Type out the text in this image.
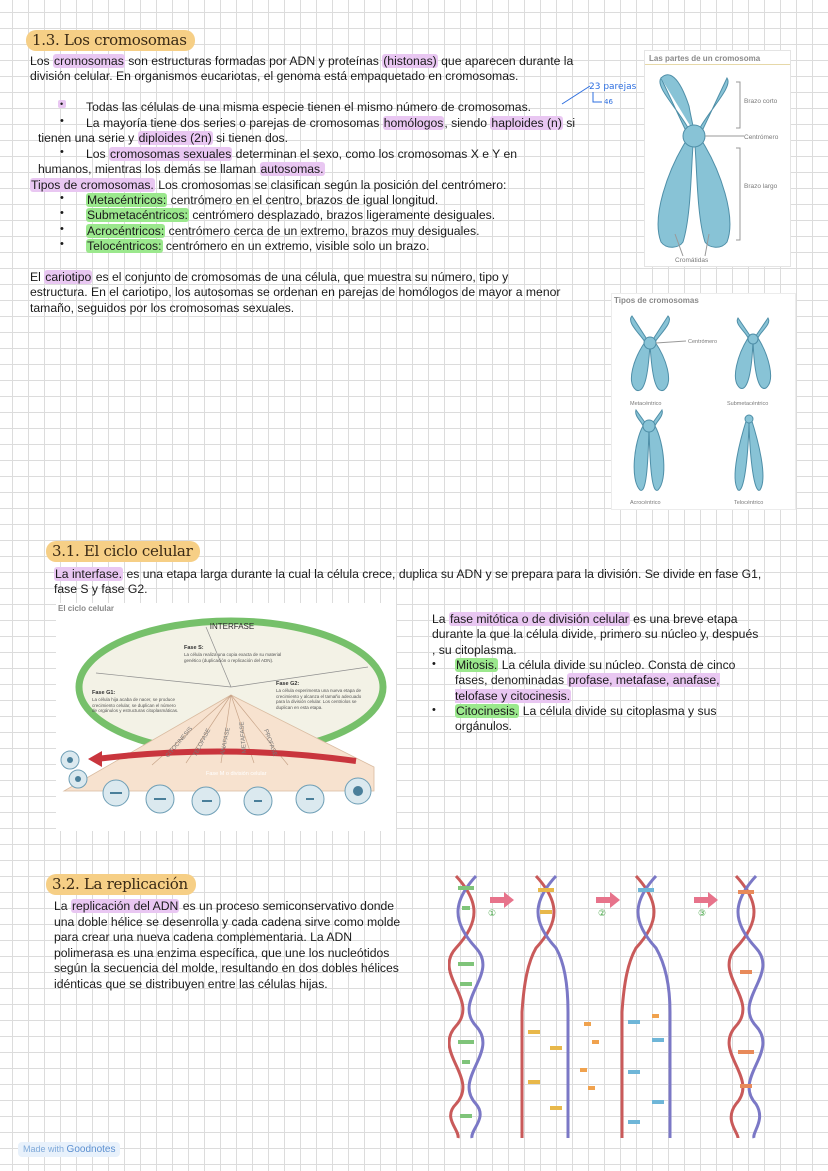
1.3. Los cromosomas
Los cromosomas son estructuras formadas por ADN y proteínas (histonas) que aparecen durante la división celular. En organismos eucariotas, el genoma está empaquetado en cromosomas.
• Todas las células de una misma especie tienen el mismo número de cromosomas.
•	La mayoría tiene dos series o parejas de cromosomas homólogos, siendo haploides (n) si tienen una serie y diploides (2n) si tienen dos.
•	Los cromosomas sexuales determinan el sexo, como los cromosomas X e Y en humanos, mientras los demás se llaman autosomas.
Tipos de cromosomas. Los cromosomas se clasifican según la posición del centrómero:
• Metacéntricos: centrómero en el centro, brazos de igual longitud.
• Submetacéntricos: centrómero desplazado, brazos ligeramente desiguales.
• Acrocéntricos: centrómero cerca de un extremo, brazos muy desiguales.
• Telocéntricos: centrómero en un extremo, visible solo un brazo.
El cariotipo es el conjunto de cromosomas de una célula, que muestra su número, tipo y estructura. En el cariotipo, los autosomas se ordenan en parejas de homólogos de mayor a menor tamaño, seguidos por los cromosomas sexuales.
23 parejas
46
Las partes de un cromosoma
Brazo corto
Centrómero
Brazo largo
Cromátidas
Tipos de cromosomas
Centrómero
Metacéntrico	Submetacéntrico
Acrocéntrico	Telocéntrico
3.1. El ciclo celular
La interfase. es una etapa larga durante la cual la célula crece, duplica su ADN y se prepara para la división. Se divide en fase G1, fase S y fase G2.
La fase mitótica o de división celular es una breve etapa durante la que la célula divide, primero su núcleo y, después , su citoplasma.
• Mitosis. La célula divide su núcleo. Consta de cinco fases, denominadas profase, metafase, anafase, telofase y citocinesis.
• Citocinesis. La célula divide su citoplasma y sus orgánulos.
El ciclo celular
INTERFASE
Fase S:
Fase G1:
Fase G2:
La célula realiza una copia exacta de su material genético (duplicación o replicación del ADN).
La célula hija acaba de nacer, se produce crecimiento celular, se duplican el número de orgánulos y estructuras citoplasmáticas.
La célula experimenta una nueva etapa de crecimiento y alcanza el tamaño adecuado para la división celular. Los centriolos se duplican en esta etapa.
Fase M o división celular
CITOCINESIS
TELOFASE ANAFASE METAFASE PROFASE
3.2. La replicación
La replicación del ADN es un proceso semiconservativo donde una doble hélice se desenrolla y cada cadena sirve como molde para crear una nueva cadena complementaria. La ADN polimerasa es una enzima específica, que une los nucleótidos según la secuencia del molde, resultando en dos dobles hélices idénticas que se distribuyen entre las células hijas.
①	②	③
Made with Goodnotes
